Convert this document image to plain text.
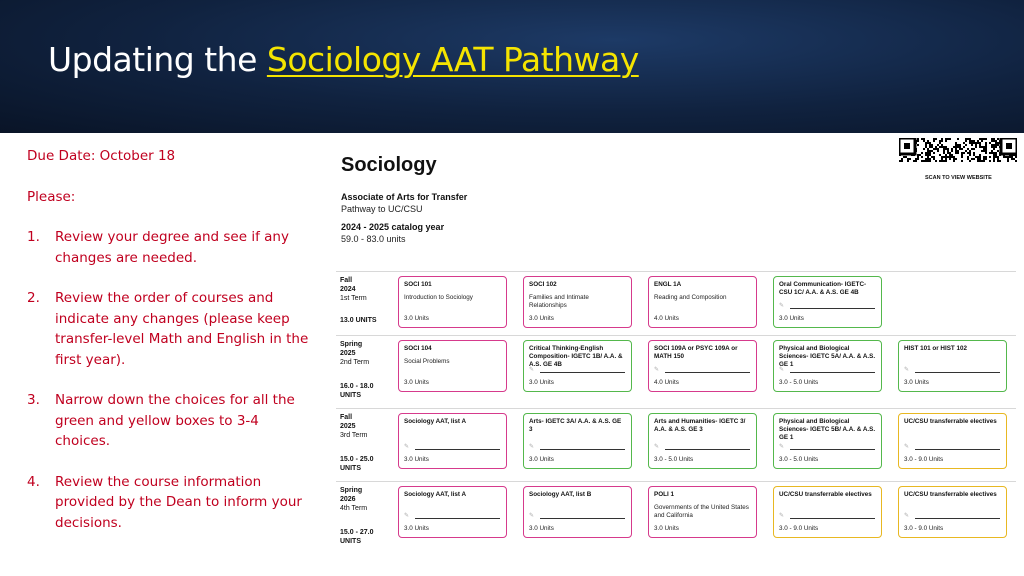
Updating the Sociology AAT Pathway

Due Date: October 18

Please:

1. Review your degree and see if any changes are needed.
2. Review the order of courses and indicate any changes (please keep transfer-level Math and English in the first year).
3. Narrow down the choices for all the green and yellow boxes to 3-4 choices.
4. Review the course information provided by the Dean to inform your decisions.
Sociology
Associate of Arts for Transfer
Pathway to UC/CSU
2024 - 2025 catalog year
59.0 - 83.0 units
SCAN TO VIEW WEBSITE
Fall
2024
1st Term
13.0 UNITS
SOCI 101
Introduction to Sociology
3.0 Units
SOCI 102
Families and Intimate Relationships
3.0 Units
ENGL 1A
Reading and Composition
4.0 Units
Oral Communication- IGETC- CSU 1C/ A.A. & A.S. GE 4B
✎
3.0 Units
Spring
2025
2nd Term
16.0 - 18.0 UNITS
SOCI 104
Social Problems
3.0 Units
Critical Thinking-English Composition- IGETC 1B/ A.A. & A.S. GE 4B
✎
3.0 Units
SOCI 109A or PSYC 109A or MATH 150
✎
4.0 Units
Physical and Biological Sciences- IGETC 5A/ A.A. & A.S. GE 1
✎
3.0 - 5.0 Units
HIST 101 or HIST 102
✎
3.0 Units
Fall
2025
3rd Term
15.0 - 25.0 UNITS
Sociology AAT, list A
✎
3.0 Units
Arts- IGETC 3A/ A.A. & A.S. GE 3
✎
3.0 Units
Arts and Humanities- IGETC 3/ A.A. & A.S. GE 3
✎
3.0 - 5.0 Units
Physical and Biological Sciences- IGETC 5B/ A.A. & A.S. GE 1
✎
3.0 - 5.0 Units
UC/CSU transferrable electives
✎
3.0 - 9.0 Units
Spring
2026
4th Term
15.0 - 27.0 UNITS
Sociology AAT, list A
✎
3.0 Units
Sociology AAT, list B
✎
3.0 Units
POLI 1
Governments of the United States and California
3.0 Units
UC/CSU transferrable electives
✎
3.0 - 9.0 Units
UC/CSU transferrable electives
✎
3.0 - 9.0 Units
